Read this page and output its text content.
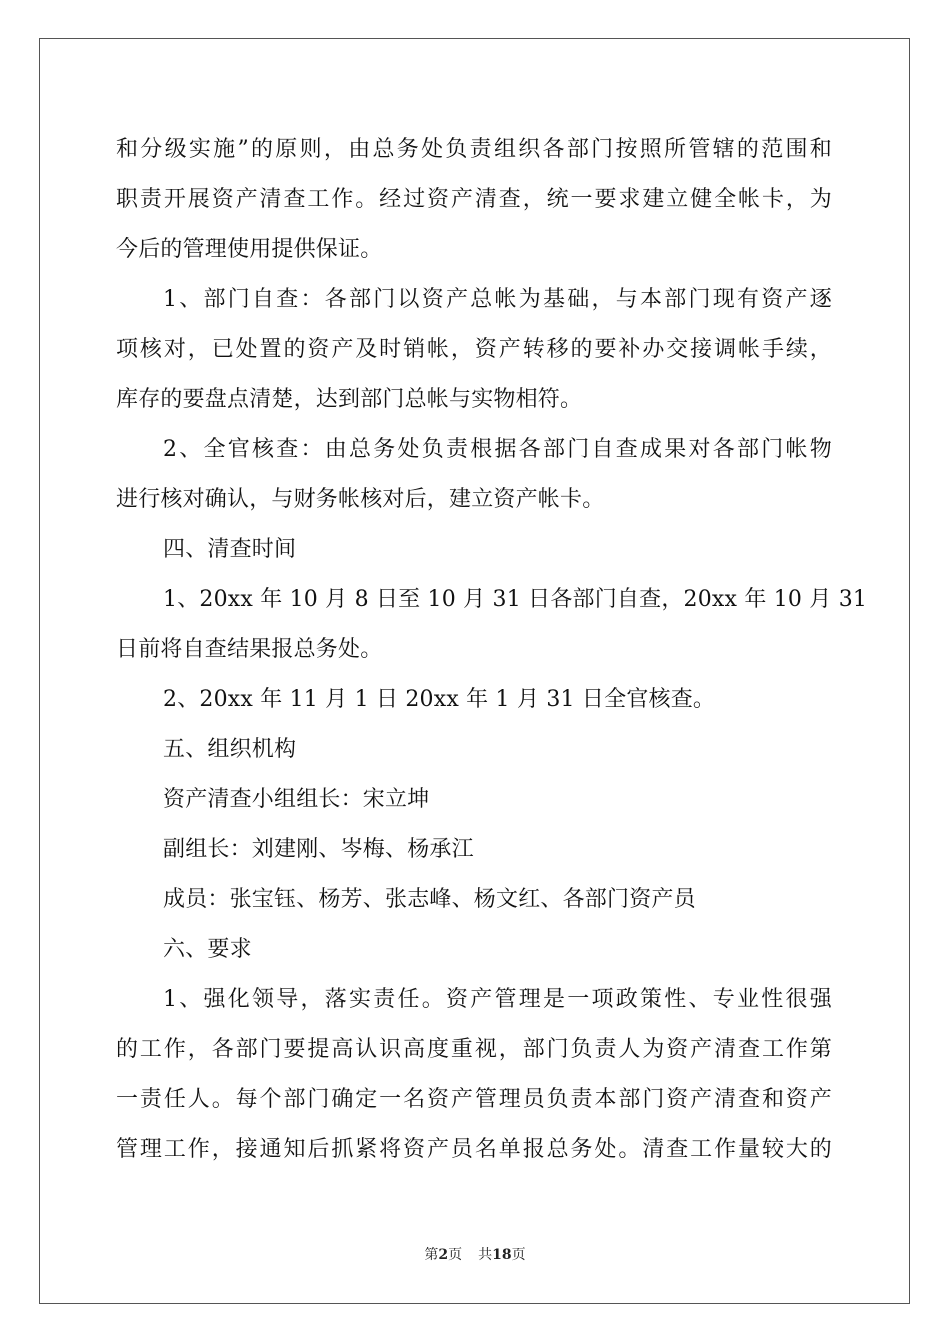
和分级实施”的原则，由总务处负责组织各部门按照所管辖的范围和
职责开展资产清查工作。经过资产清查，统一要求建立健全帐卡，为
今后的管理使用提供保证。
1、部门自查：各部门以资产总帐为基础，与本部门现有资产逐
项核对，已处置的资产及时销帐，资产转移的要补办交接调帐手续，
库存的要盘点清楚，达到部门总帐与实物相符。
2、全官核查：由总务处负责根据各部门自查成果对各部门帐物
进行核对确认，与财务帐核对后，建立资产帐卡。
四、清查时间
1、20xx 年 10 月 8 日至 10 月 31 日各部门自查，20xx 年 10 月 31
日前将自查结果报总务处。
2、20xx 年 11 月 1 日 20xx 年 1 月 31 日全官核查。
五、组织机构
资产清查小组组长：宋立坤
副组长：刘建刚、岑梅、杨承江
成员：张宝钰、杨芳、张志峰、杨文红、各部门资产员
六、要求
1、强化领导，落实责任。资产管理是一项政策性、专业性很强
的工作，各部门要提高认识高度重视，部门负责人为资产清查工作第
一责任人。每个部门确定一名资产管理员负责本部门资产清查和资产
管理工作，接通知后抓紧将资产员名单报总务处。清查工作量较大的
第2页 共18页
